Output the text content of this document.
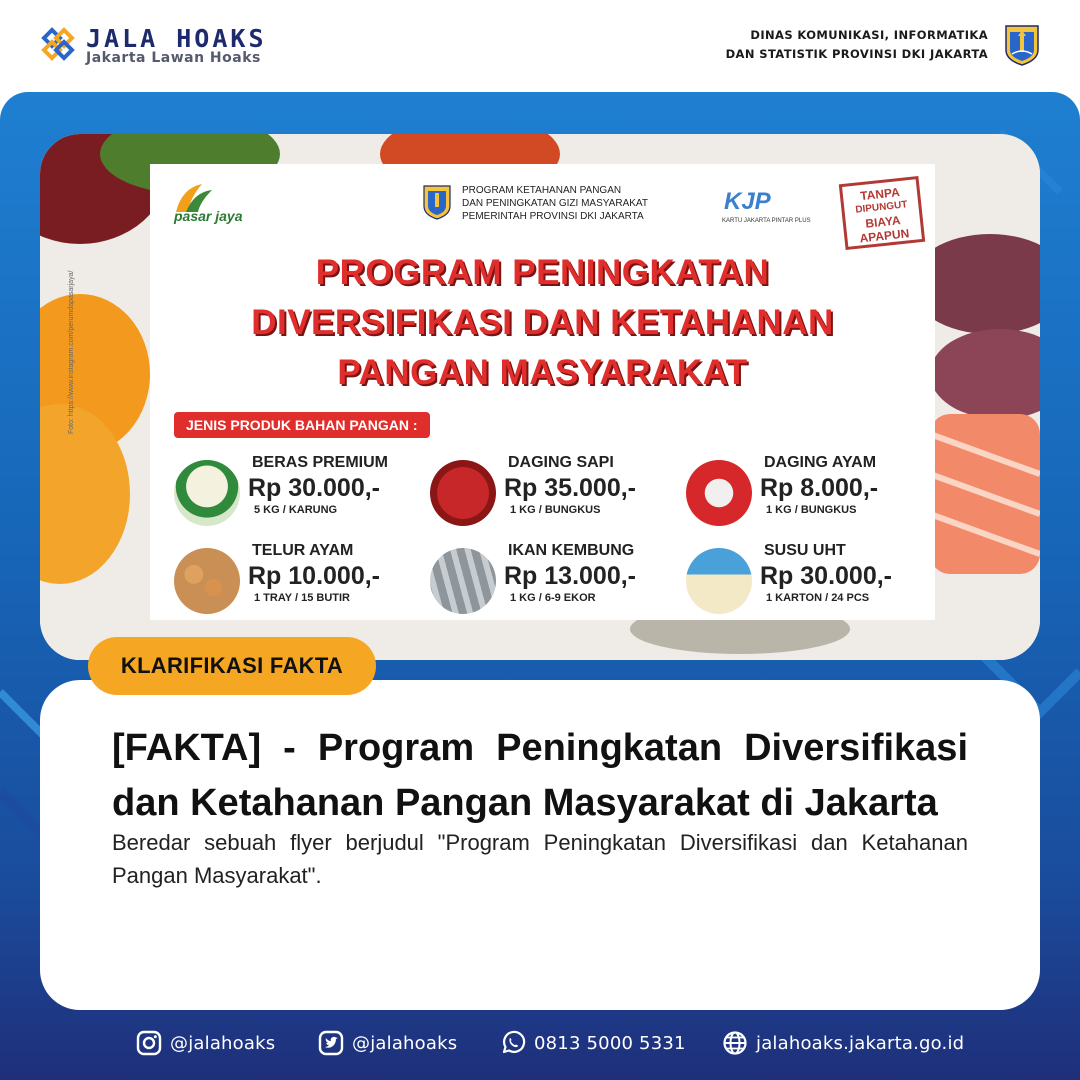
JALA HOAKS
Jakarta Lawan Hoaks
DINAS KOMUNIKASI, INFORMATIKA
DAN STATISTIK PROVINSI DKI JAKARTA
Foto: https://www.instagram.com/perumdapasarjaya/
pasar jaya
PROGRAM KETAHANAN PANGAN
DAN PENINGKATAN GIZI MASYARAKAT
PEMERINTAH PROVINSI DKI JAKARTA
KJP
KARTU JAKARTA PINTAR PLUS
TANPA
DIPUNGUT
BIAYA
APAPUN
PROGRAM PENINGKATAN
DIVERSIFIKASI DAN KETAHANAN
PANGAN MASYARAKAT
JENIS PRODUK BAHAN PANGAN :
BERAS PREMIUM
Rp 30.000,-
5 KG / KARUNG
DAGING SAPI
Rp 35.000,-
1 KG / BUNGKUS
DAGING AYAM
Rp 8.000,-
1 KG / BUNGKUS
TELUR AYAM
Rp 10.000,-
1 TRAY / 15 BUTIR
IKAN KEMBUNG
Rp 13.000,-
1 KG / 6-9 EKOR
SUSU UHT
Rp 30.000,-
1 KARTON / 24 PCS
KLARIFIKASI FAKTA
[FAKTA] - Program Peningkatan Diversifikasi dan Ketahanan Pangan Masyarakat di Jakarta
Beredar sebuah flyer berjudul "Program Peningkatan Diversifikasi dan Ketahanan Pangan Masyarakat".
@jalahoaks	@jalahoaks	0813 5000 5331	jalahoaks.jakarta.go.id
